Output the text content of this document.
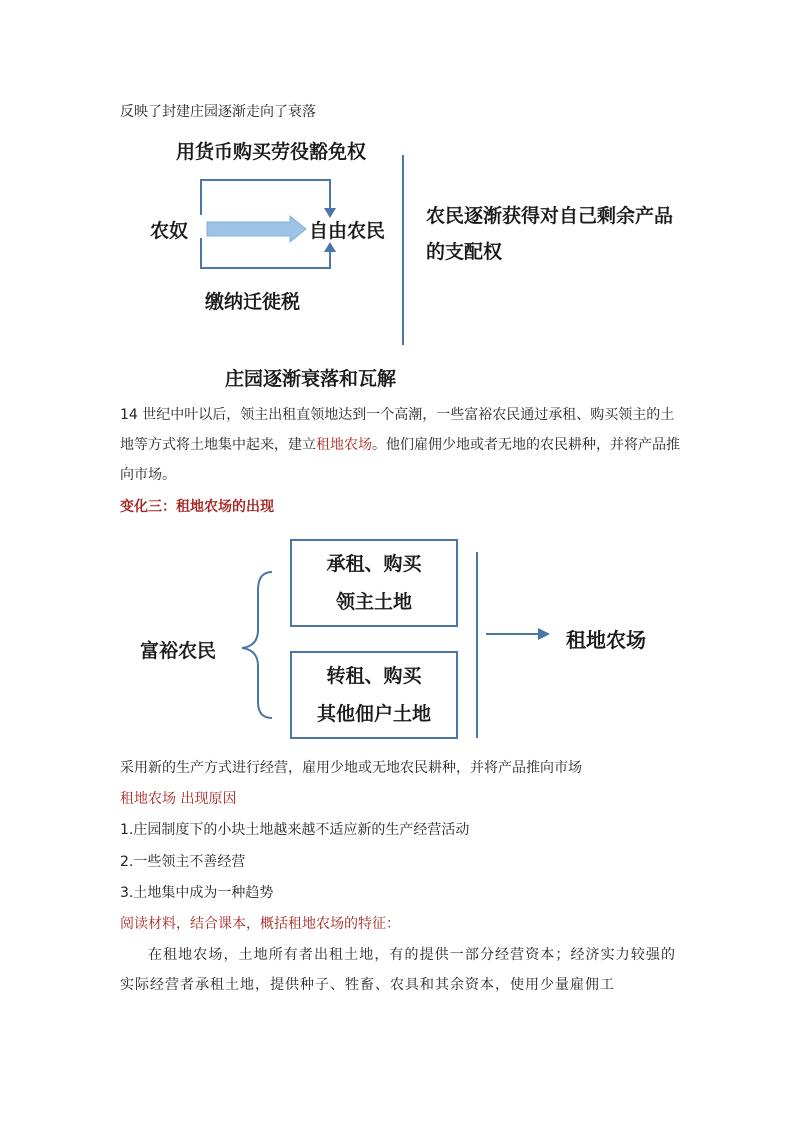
反映了封建庄园逐渐走向了衰落
用货币购买劳役豁免权
农奴	自由农民
缴纳迁徙税
农民逐渐获得对自己剩余产品的支配权
庄园逐渐衰落和瓦解
14 世纪中叶以后，领主出租直领地达到一个高潮，一些富裕农民通过承租、购买领主的土地等方式将土地集中起来，建立租地农场。他们雇佣少地或者无地的农民耕种，并将产品推向市场。
变化三：租地农场的出现
富裕农民
承租、购买
领主土地
转租、购买
其他佃户土地
租地农场
采用新的生产方式进行经营，雇用少地或无地农民耕种，并将产品推向市场
租地农场 出现原因
1.庄园制度下的小块土地越来越不适应新的生产经营活动
2.一些领主不善经营
3.土地集中成为一种趋势
阅读材料，结合课本，概括租地农场的特征：
在租地农场，土地所有者出租土地，有的提供一部分经营资本；经济实力较强的实际经营者承租土地，提供种子、牲畜、农具和其余资本，使用少量雇佣工
